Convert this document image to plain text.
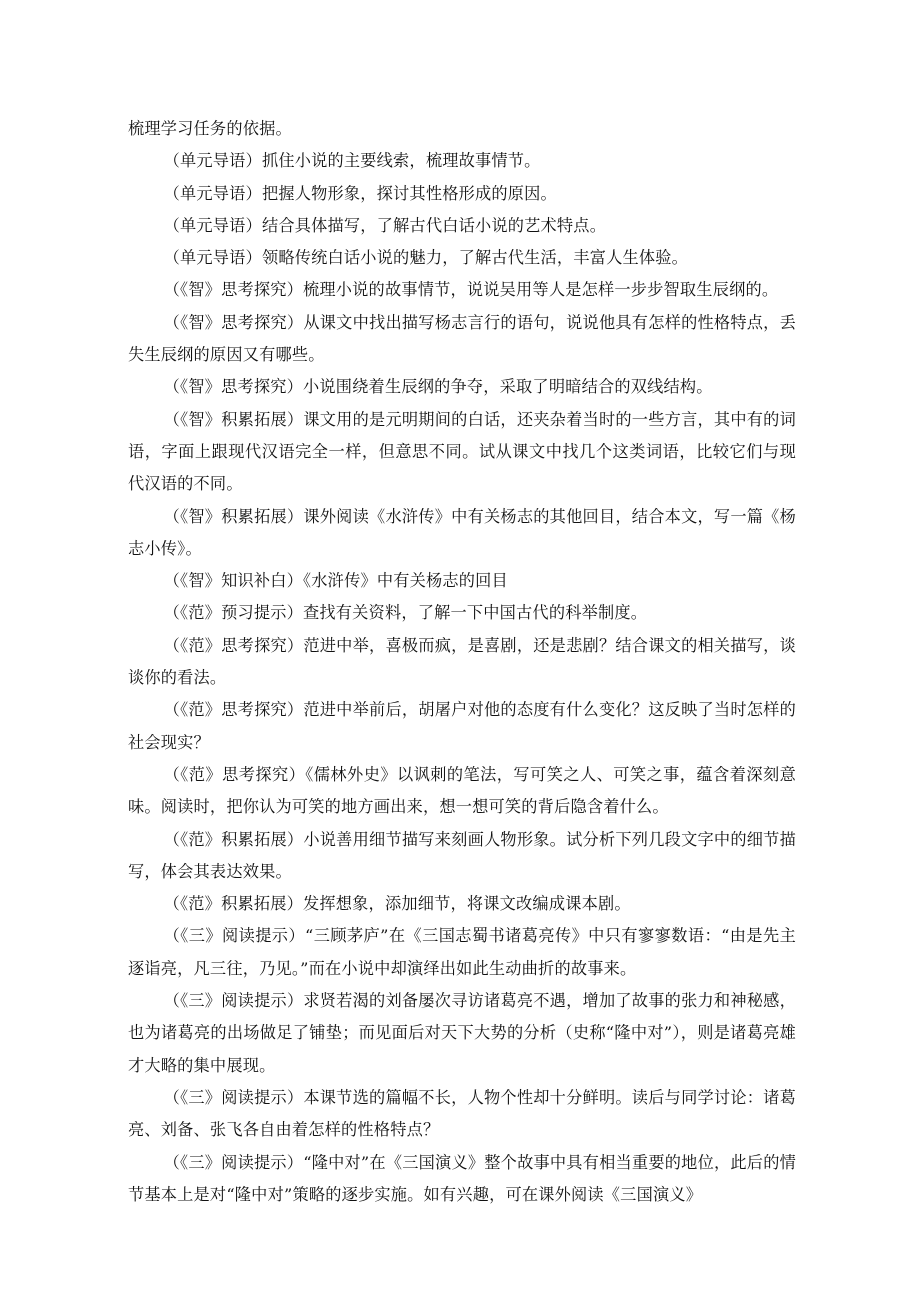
梳理学习任务的依据。

（单元导语）抓住小说的主要线索，梳理故事情节。

（单元导语）把握人物形象，探讨其性格形成的原因。

（单元导语）结合具体描写，了解古代白话小说的艺术特点。

（单元导语）领略传统白话小说的魅力，了解古代生活，丰富人生体验。

（《智》思考探究）梳理小说的故事情节，说说吴用等人是怎样一步步智取生辰纲的。

（《智》思考探究）从课文中找出描写杨志言行的语句，说说他具有怎样的性格特点，丢失生辰纲的原因又有哪些。

（《智》思考探究）小说围绕着生辰纲的争夺，采取了明暗结合的双线结构。

（《智》积累拓展）课文用的是元明期间的白话，还夹杂着当时的一些方言，其中有的词语，字面上跟现代汉语完全一样，但意思不同。试从课文中找几个这类词语，比较它们与现代汉语的不同。

（《智》积累拓展）课外阅读《水浒传》中有关杨志的其他回目，结合本文，写一篇《杨志小传》。

（《智》知识补白）《水浒传》中有关杨志的回目

（《范》预习提示）查找有关资料，了解一下中国古代的科举制度。

（《范》思考探究）范进中举，喜极而疯，是喜剧，还是悲剧？结合课文的相关描写，谈谈你的看法。

（《范》思考探究）范进中举前后，胡屠户对他的态度有什么变化？这反映了当时怎样的社会现实？

（《范》思考探究）《儒林外史》以讽刺的笔法，写可笑之人、可笑之事，蕴含着深刻意味。阅读时，把你认为可笑的地方画出来，想一想可笑的背后隐含着什么。

（《范》积累拓展）小说善用细节描写来刻画人物形象。试分析下列几段文字中的细节描写，体会其表达效果。

（《范》积累拓展）发挥想象，添加细节，将课文改编成课本剧。

（《三》阅读提示）“三顾茅庐”在《三国志蜀书诸葛亮传》中只有寥寥数语：“由是先主逐诣亮，凡三往，乃见。”而在小说中却演绎出如此生动曲折的故事来。

（《三》阅读提示）求贤若渴的刘备屡次寻访诸葛亮不遇，增加了故事的张力和神秘感，也为诸葛亮的出场做足了铺垫；而见面后对天下大势的分析（史称“隆中对”），则是诸葛亮雄才大略的集中展现。

（《三》阅读提示）本课节选的篇幅不长，人物个性却十分鲜明。读后与同学讨论：诸葛亮、刘备、张飞各自由着怎样的性格特点？

（《三》阅读提示）“隆中对”在《三国演义》整个故事中具有相当重要的地位，此后的情节基本上是对“隆中对”策略的逐步实施。如有兴趣，可在课外阅读《三国演义》
